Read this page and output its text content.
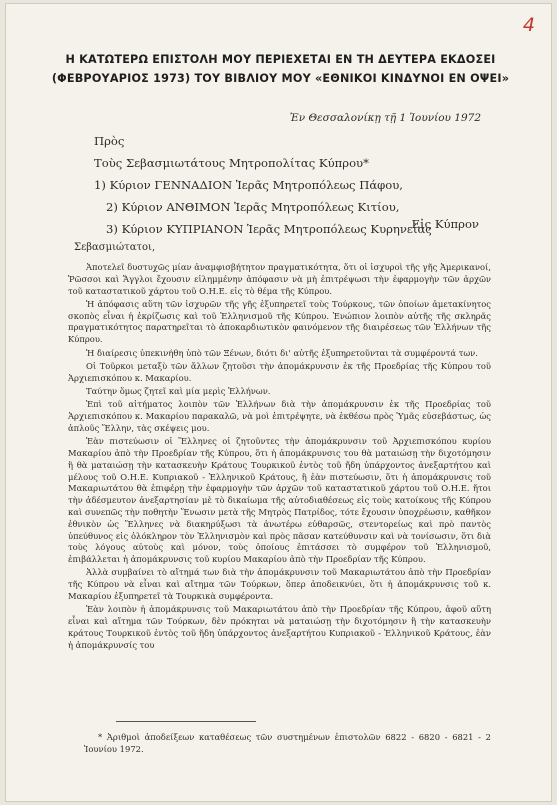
4
Η ΚΑΤΩΤΕΡΩ ΕΠΙΣΤΟΛΗ ΜΟΥ ΠΕΡΙΕΧΕΤΑΙ ΕΝ ΤΗ ΔΕΥΤΕΡΑ ΕΚΔΟΣΕΙ
(ΦΕΒΡΟΥΑΡΙΟΣ 1973) ΤΟΥ ΒΙΒΛΙΟΥ ΜΟΥ «ΕΘΝΙΚΟΙ ΚΙΝΔΥΝΟΙ ΕΝ ΟΨΕΙ»
Ἐν Θεσσαλονίκῃ τῇ 1 Ἰουνίου 1972
Πρὸς
Τοὺς Σεβασμιωτάτους Μητροπολίτας Κύπρου*
1) Κύριον ΓΕΝΝΑΔΙΟΝ Ἱερᾶς Μητροπόλεως Πάφου,
2) Κύριον ΑΝΘΙΜΟΝ Ἱερᾶς Μητροπόλεως Κιτίου,
3) Κύριον ΚΥΠΡΙΑΝΟΝ Ἱερᾶς Μητροπόλεως Κυρηνείας
Εἰς Κύπρον
Σεβασμιώτατοι,

Ἀποτελεῖ δυστυχῶς μίαν ἀναμφισβήτητον πραγματικότητα, ὅτι οἱ ἰσχυροὶ τῆς γῆς Ἀμερικανοί, Ῥῶσσοι καὶ Ἄγγλοι ἔχουσιν εἰλημμένην ἀπόφασιν νὰ μὴ ἐπιτρέψωσι τὴν ἐφαρμογὴν τῶν ἀρχῶν τοῦ καταστατικοῦ χάρτου τοῦ Ο.Η.Ε. εἰς τὸ θέμα τῆς Κύπρου.

Ἡ ἀπόφασις αὕτη τῶν ἰσχυρῶν τῆς γῆς ἐξυπηρετεῖ τοὺς Τούρκους, τῶν ὁποίων ἀμετακίνητος σκοπὸς εἶναι ἡ ἐκρίζωσις καὶ τοῦ Ἑλληνισμοῦ τῆς Κύπρου. Ἐνώπιον λοιπὸν αὐτῆς τῆς σκληρᾶς πραγματικότητος παρατηρεῖται τὸ ἀποκαρδιωτικὸν φαινόμενον τῆς διαιρέσεως τῶν Ἑλλήνων τῆς Κύπρου.

Ἡ διαίρεσις ὑπεκινήθη ὑπὸ τῶν Ξένων, διότι δι' αὐτῆς ἐξυπηρετοῦνται τὰ συμφέροντά των.

Οἱ Τοῦρκοι μεταξὺ τῶν ἄλλων ζητοῦσι τὴν ἀπομάκρυνσιν ἐκ τῆς Προεδρίας τῆς Κύπρου τοῦ Ἀρχιεπισκόπου κ. Μακαρίου.

Ταύτην ὅμως ζητεῖ καὶ μία μερὶς Ἑλλήνων.

Ἐπὶ τοῦ αἰτήματος λοιπὸν τῶν Ἑλλήνων διὰ τὴν ἀπομάκρυνσιν ἐκ τῆς Προεδρίας τοῦ Ἀρχιεπισκόπου κ. Μακαρίου παρακαλῶ, νὰ μοὶ ἐπιτρέψητε, νὰ ἐκθέσω πρὸς Ὑμᾶς εὐσεβάστως, ὡς ἁπλοῦς Ἕλλην, τὰς σκέψεις μου.

Ἐὰν πιστεύωσιν οἱ Ἕλληνες οἱ ζητοῦντες τὴν ἀπομάκρυνσιν τοῦ Ἀρχιεπισκόπου κυρίου Μακαρίου ἀπὸ τὴν Προεδρίαν τῆς Κύπρου, ὅτι ἡ ἀπομάκρυνσις του θὰ ματαιώσῃ τὴν διχοτόμησιν ἢ θὰ ματαιώσῃ τὴν κατασκευὴν Κράτους Τουρκικοῦ ἐντὸς τοῦ ἤδη ὑπάρχοντος ἀνεξαρτήτου καὶ μέλους τοῦ Ο.Η.Ε. Κυπριακοῦ - Ἑλληνικοῦ Κράτους, ἢ ἐὰν πιστεύωσιν, ὅτι ἡ ἀπομάκρυνσις τοῦ Μακαριωτάτου θὰ ἐπιφέρῃ τὴν ἐφαρμογὴν τῶν ἀρχῶν τοῦ καταστατικοῦ χάρτου τοῦ Ο.Η.Ε. ἤτοι τὴν ἀδέσμευτον ἀνεξαρτησίαν μὲ τὸ δικαίωμα τῆς αὐτοδιαθέσεως εἰς τοὺς κατοίκους τῆς Κύπρου καὶ συνεπῶς τὴν ποθητὴν Ἕνωσιν μετὰ τῆς Μητρὸς Πατρίδος, τότε ἔχουσιν ὑποχρέωσιν, καθῆκον ἐθνικὸν ὡς Ἕλληνες νὰ διακηρύξωσι τὰ ἀνωτέρω εὐθαρσῶς, στεντορείως καὶ πρὸ παντὸς ὑπεύθυνος εἰς ὁλόκληρον τὸν Ἑλληνισμὸν καὶ πρὸς πᾶσαν κατεύθυνσιν καὶ νὰ τονίσωσιν, ὅτι διὰ τοὺς λόγους αὐτοὺς καὶ μόνον, τοὺς ὁποίους ἐπιτάσσει τὸ συμφέρον τοῦ Ἑλληνισμοῦ, ἐπιβάλλεται ἡ ἀπομάκρυνσις τοῦ κυρίου Μακαρίου ἀπὸ τὴν Προεδρίαν τῆς Κύπρου.

Ἀλλὰ συμβαίνει τὸ αἴτημά των διὰ τὴν ἀπομάκρυνσιν τοῦ Μακαριωτάτου ἀπὸ τὴν Προεδρίαν τῆς Κύπρου νὰ εἶναι καὶ αἴτημα τῶν Τούρκων, ὅπερ ἀποδεικνύει, ὅτι ἡ ἀπομάκρυνσις τοῦ κ. Μακαρίου ἐξυπηρετεῖ τὰ Τουρκικὰ συμφέροντα.

Ἐὰν λοιπὸν ἡ ἀπομάκρυνσις τοῦ Μακαριωτάτου ἀπὸ τὴν Προεδρίαν τῆς Κύπρου, ἀφοῦ αὕτη εἶναι καὶ αἴτημα τῶν Τούρκων, δὲν πρόκηται νὰ ματαιώσῃ τὴν διχοτόμησιν ἢ τὴν κατασκευὴν κράτους Τουρκικοῦ ἐντὸς τοῦ ἤδη ὑπάρχοντος ἀνεξαρτήτου Κυπριακοῦ - Ἑλληνικοῦ Κράτους, ἐὰν ἡ ἀπομάκρυνσίς του

* Ἀριθμοὶ ἀποδείξεων καταθέσεως τῶν συστημένων ἐπιστολῶν 6822 - 6820 - 6821 - 2 Ἰουνίου 1972.
